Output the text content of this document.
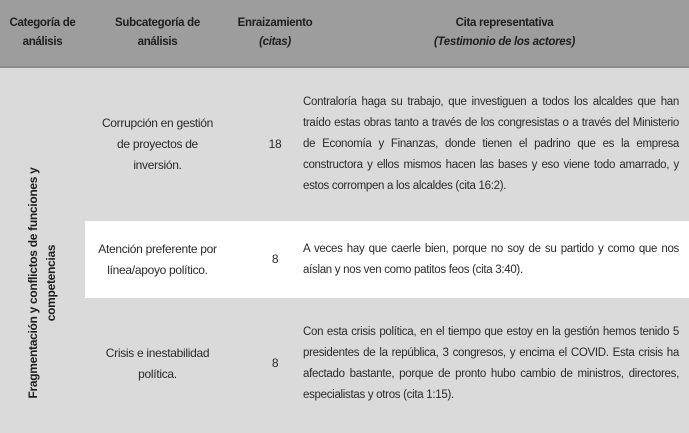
Categoría de
análisis
Subcategoría de
análisis
Enraizamiento
(citas)
Cita representativa
(Testimonio de los actores)
Fragmentación y conflictos de funciones y competencias
Corrupción en gestión de proyectos de inversión.
18
Contraloría haga su trabajo, que investiguen a todos los alcaldes que han traído estas obras tanto a través de los congresistas o a través del Ministerio de Economía y Finanzas, donde tienen el padrino que es la empresa constructora y ellos mismos hacen las bases y eso viene todo amarrado, y estos corrompen a los alcaldes (cita 16:2).
Atención preferente por línea/apoyo político.
8
A veces hay que caerle bien, porque no soy de su partido y como que nos aíslan y nos ven como patitos feos (cita 3:40).
Crisis e inestabilidad política.
8
Con esta crisis política, en el tiempo que estoy en la gestión hemos tenido 5 presidentes de la república, 3 congresos, y encima el COVID. Esta crisis ha afectado bastante, porque de pronto hubo cambio de ministros, directores, especialistas y otros (cita 1:15).
